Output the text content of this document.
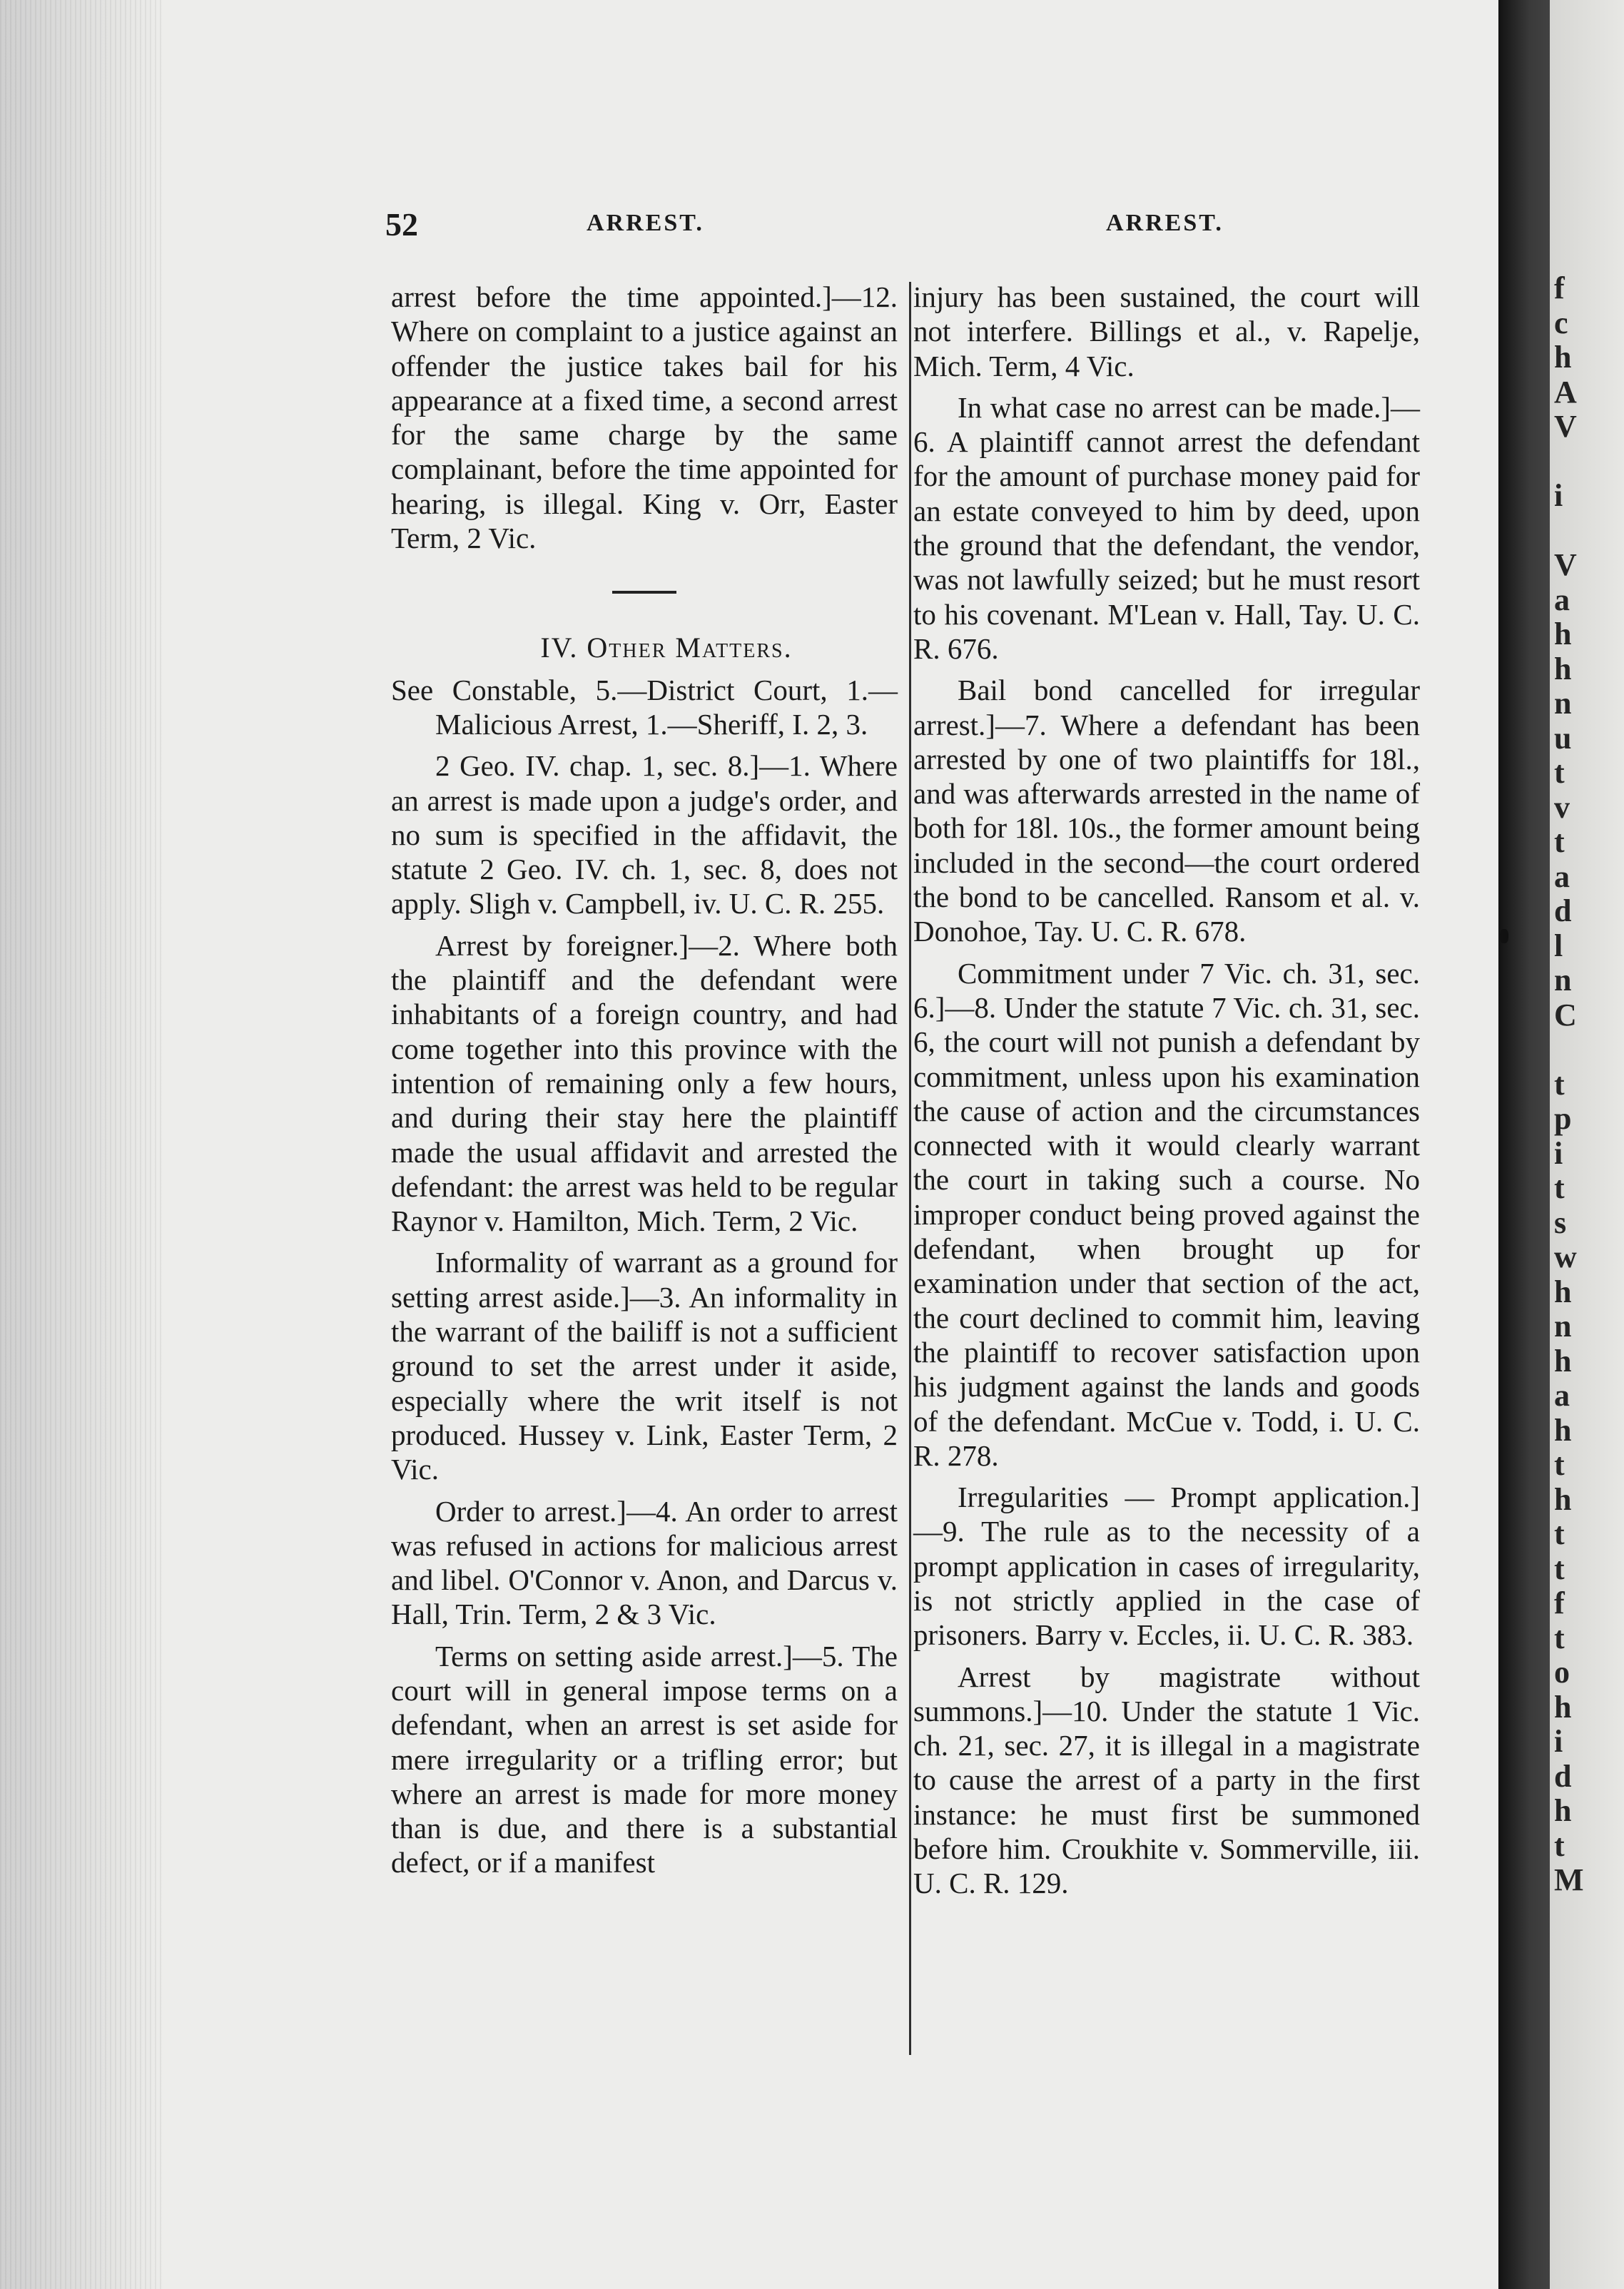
52	ARREST.	ARREST.

arrest before the time appointed.]—12. Where on complaint to a justice against an offender the justice takes bail for his appearance at a fixed time, a second arrest for the same charge by the same complainant, before the time appointed for hearing, is illegal. King v. Orr, Easter Term, 2 Vic.

IV. Other Matters.

See Constable, 5.—District Court, 1.—Malicious Arrest, 1.—Sheriff, I. 2, 3.

2 Geo. IV. chap. 1, sec. 8.]—1. Where an arrest is made upon a judge's order, and no sum is specified in the affidavit, the statute 2 Geo. IV. ch. 1, sec. 8, does not apply. Sligh v. Campbell, iv. U. C. R. 255.

Arrest by foreigner.]—2. Where both the plaintiff and the defendant were inhabitants of a foreign country, and had come together into this province with the intention of remaining only a few hours, and during their stay here the plaintiff made the usual affidavit and arrested the defendant: the arrest was held to be regular Raynor v. Hamilton, Mich. Term, 2 Vic.

Informality of warrant as a ground for setting arrest aside.]—3. An informality in the warrant of the bailiff is not a sufficient ground to set the arrest under it aside, especially where the writ itself is not produced. Hussey v. Link, Easter Term, 2 Vic.

Order to arrest.]—4. An order to arrest was refused in actions for malicious arrest and libel. O'Connor v. Anon, and Darcus v. Hall, Trin. Term, 2 & 3 Vic.

Terms on setting aside arrest.]—5. The court will in general impose terms on a defendant, when an arrest is set aside for mere irregularity or a trifling error; but where an arrest is made for more money than is due, and there is a substantial defect, or if a manifest

injury has been sustained, the court will not interfere. Billings et al., v. Rapelje, Mich. Term, 4 Vic.

In what case no arrest can be made.]—6. A plaintiff cannot arrest the defendant for the amount of purchase money paid for an estate conveyed to him by deed, upon the ground that the defendant, the vendor, was not lawfully seized; but he must resort to his covenant. M'Lean v. Hall, Tay. U. C. R. 676.

Bail bond cancelled for irregular arrest.]—7. Where a defendant has been arrested by one of two plaintiffs for 18l., and was afterwards arrested in the name of both for 18l. 10s., the former amount being included in the second—the court ordered the bond to be cancelled. Ransom et al. v. Donohoe, Tay. U. C. R. 678.

Commitment under 7 Vic. ch. 31, sec. 6.]—8. Under the statute 7 Vic. ch. 31, sec. 6, the court will not punish a defendant by commitment, unless upon his examination the cause of action and the circumstances connected with it would clearly warrant the court in taking such a course. No improper conduct being proved against the defendant, when brought up for examination under that section of the act, the court declined to commit him, leaving the plaintiff to recover satisfaction upon his judgment against the lands and goods of the defendant. McCue v. Todd, i. U. C. R. 278.

Irregularities — Prompt application.]—9. The rule as to the necessity of a prompt application in cases of irregularity, is not strictly applied in the case of prisoners. Barry v. Eccles, ii. U. C. R. 383.

Arrest by magistrate without summons.]—10. Under the statute 1 Vic. ch. 21, sec. 27, it is illegal in a magistrate to cause the arrest of a party in the first instance: he must first be summoned before him. Croukhite v. Sommerville, iii. U. C. R. 129.

f
c
h
A
V

i

V
a
h
h
n
u
t
v
t
a
d
l
n
C

t
p
i
t
s
w
h
n
h
a
h
t
h
t
t
f
t
o
h
i
d
h
t
M
